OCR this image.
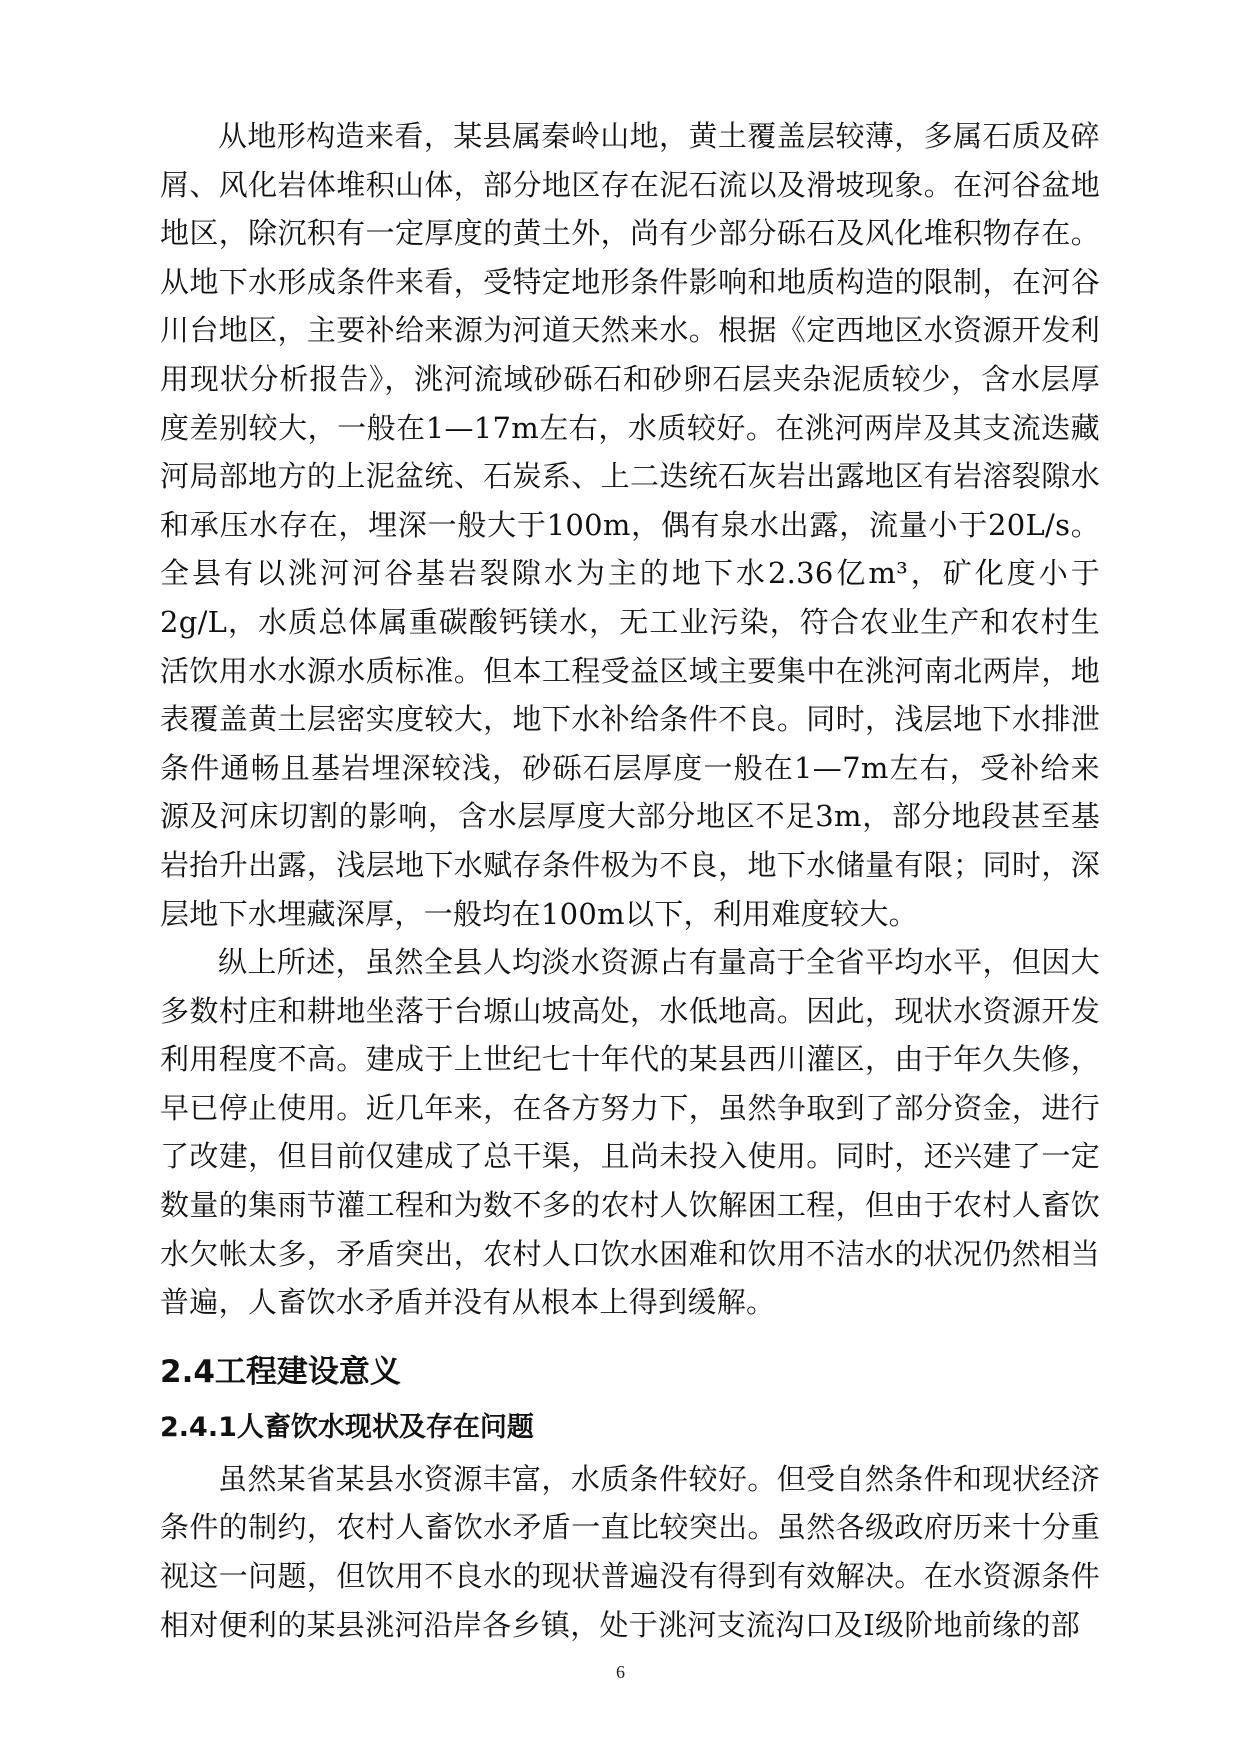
从地形构造来看，某县属秦岭山地，黄土覆盖层较薄，多属石质及碎屑、风化岩体堆积山体，部分地区存在泥石流以及滑坡现象。在河谷盆地地区，除沉积有一定厚度的黄土外，尚有少部分砾石及风化堆积物存在。从地下水形成条件来看，受特定地形条件影响和地质构造的限制，在河谷川台地区，主要补给来源为河道天然来水。根据《定西地区水资源开发利用现状分析报告》，洮河流域砂砾石和砂卵石层夹杂泥质较少，含水层厚度差别较大，一般在1—17m左右，水质较好。在洮河两岸及其支流迭藏河局部地方的上泥盆统、石炭系、上二迭统石灰岩出露地区有岩溶裂隙水和承压水存在，埋深一般大于100m，偶有泉水出露，流量小于20L/s。全县有以洮河河谷基岩裂隙水为主的地下水2.36亿m³，矿化度小于2g/L，水质总体属重碳酸钙镁水，无工业污染，符合农业生产和农村生活饮用水水源水质标准。但本工程受益区域主要集中在洮河南北两岸，地表覆盖黄土层密实度较大，地下水补给条件不良。同时，浅层地下水排泄条件通畅且基岩埋深较浅，砂砾石层厚度一般在1—7m左右，受补给来源及河床切割的影响，含水层厚度大部分地区不足3m，部分地段甚至基岩抬升出露，浅层地下水赋存条件极为不良，地下水储量有限；同时，深层地下水埋藏深厚，一般均在100m以下，利用难度较大。

纵上所述，虽然全县人均淡水资源占有量高于全省平均水平，但因大多数村庄和耕地坐落于台塬山坡高处，水低地高。因此，现状水资源开发利用程度不高。建成于上世纪七十年代的某县西川灌区，由于年久失修，早已停止使用。近几年来，在各方努力下，虽然争取到了部分资金，进行了改建，但目前仅建成了总干渠，且尚未投入使用。同时，还兴建了一定数量的集雨节灌工程和为数不多的农村人饮解困工程，但由于农村人畜饮水欠帐太多，矛盾突出，农村人口饮水困难和饮用不洁水的状况仍然相当普遍，人畜饮水矛盾并没有从根本上得到缓解。

2.4工程建设意义
2.4.1人畜饮水现状及存在问题

虽然某省某县水资源丰富，水质条件较好。但受自然条件和现状经济条件的制约，农村人畜饮水矛盾一直比较突出。虽然各级政府历来十分重视这一问题，但饮用不良水的现状普遍没有得到有效解决。在水资源条件相对便利的某县洮河沿岸各乡镇，处于洮河支流沟口及Ⅰ级阶地前缘的部

6
